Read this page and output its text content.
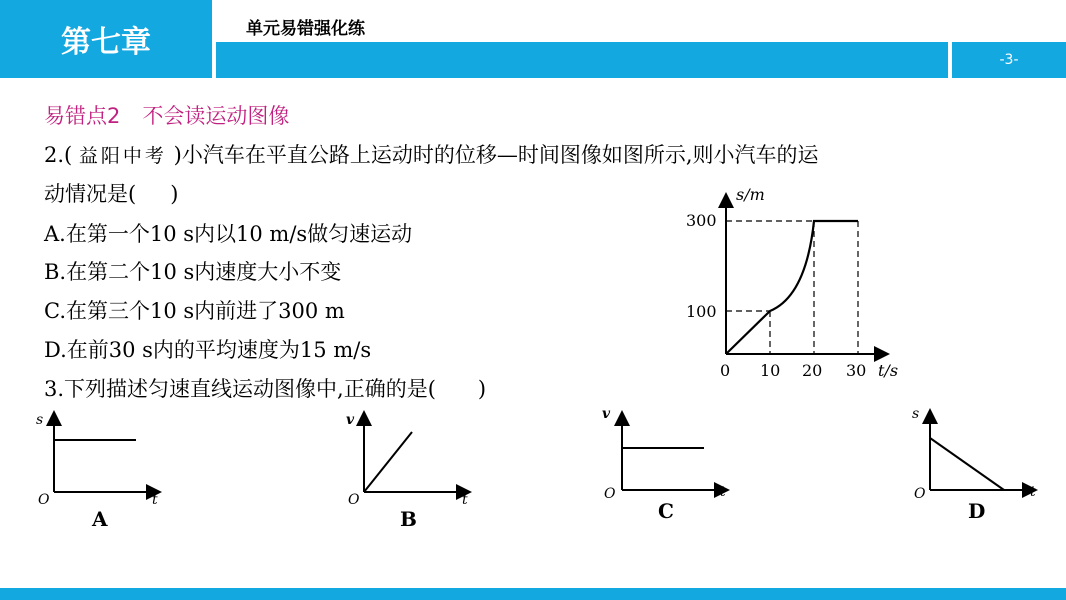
第七章	单元易错强化练
-3-
易错点2 不会读运动图像
2.( 益阳中考 )小汽车在平直公路上运动时的位移—时间图像如图所示,则小汽车的运
动情况是( )
A.在第一个10 s内以10 m/s做匀速运动
B.在第二个10 s内速度大小不变
C.在第三个10 s内前进了300 m
D.在前30 s内的平均速度为15 m/s
3.下列描述匀速直线运动图像中,正确的是( )
s/m
t/s
0 10 20 30
100
300
s
t
O
A
v
t
O
B
v
t
O
C
s
t
O
D
